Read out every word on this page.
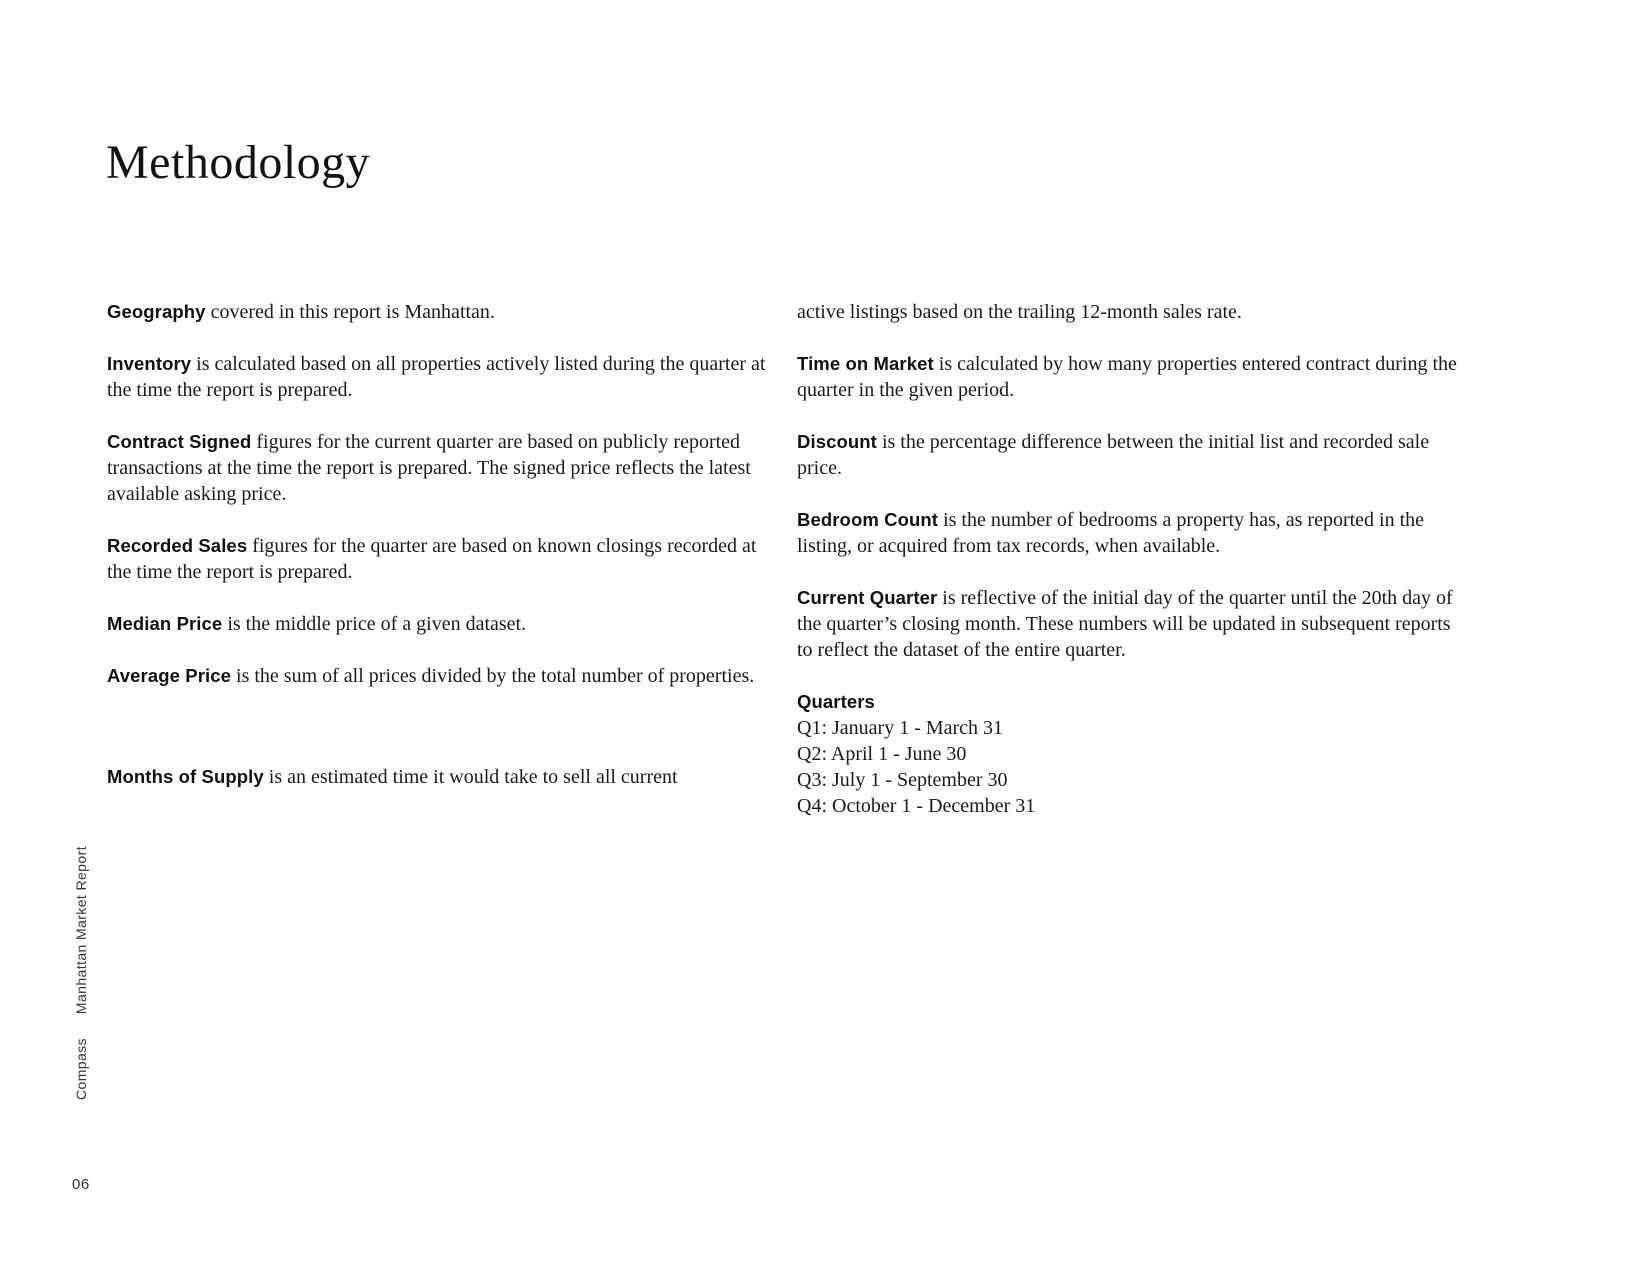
Methodology

Geography covered in this report is Manhattan.

Inventory is calculated based on all properties actively listed during the quarter at the time the report is prepared.

Contract Signed figures for the current quarter are based on publicly reported transactions at the time the report is prepared. The signed price reflects the latest available asking price.

Recorded Sales figures for the quarter are based on known closings recorded at the time the report is prepared.

Median Price is the middle price of a given dataset.

Average Price is the sum of all prices divided by the total number of properties.

Months of Supply is an estimated time it would take to sell all current

active listings based on the trailing 12-month sales rate.

Time on Market is calculated by how many properties entered contract during the quarter in the given period.

Discount is the percentage difference between the initial list and recorded sale price.

Bedroom Count is the number of bedrooms a property has, as reported in the listing, or acquired from tax records, when available.

Current Quarter is reflective of the initial day of the quarter until the 20th day of the quarter’s closing month. These numbers will be updated in subsequent reports to reflect the dataset of the entire quarter.

Quarters

Q1: January 1 - March 31
Q2: April 1 - June 30
Q3: July 1 - September 30
Q4: October 1 - December 31
Compass
Manhattan Market Report
06
